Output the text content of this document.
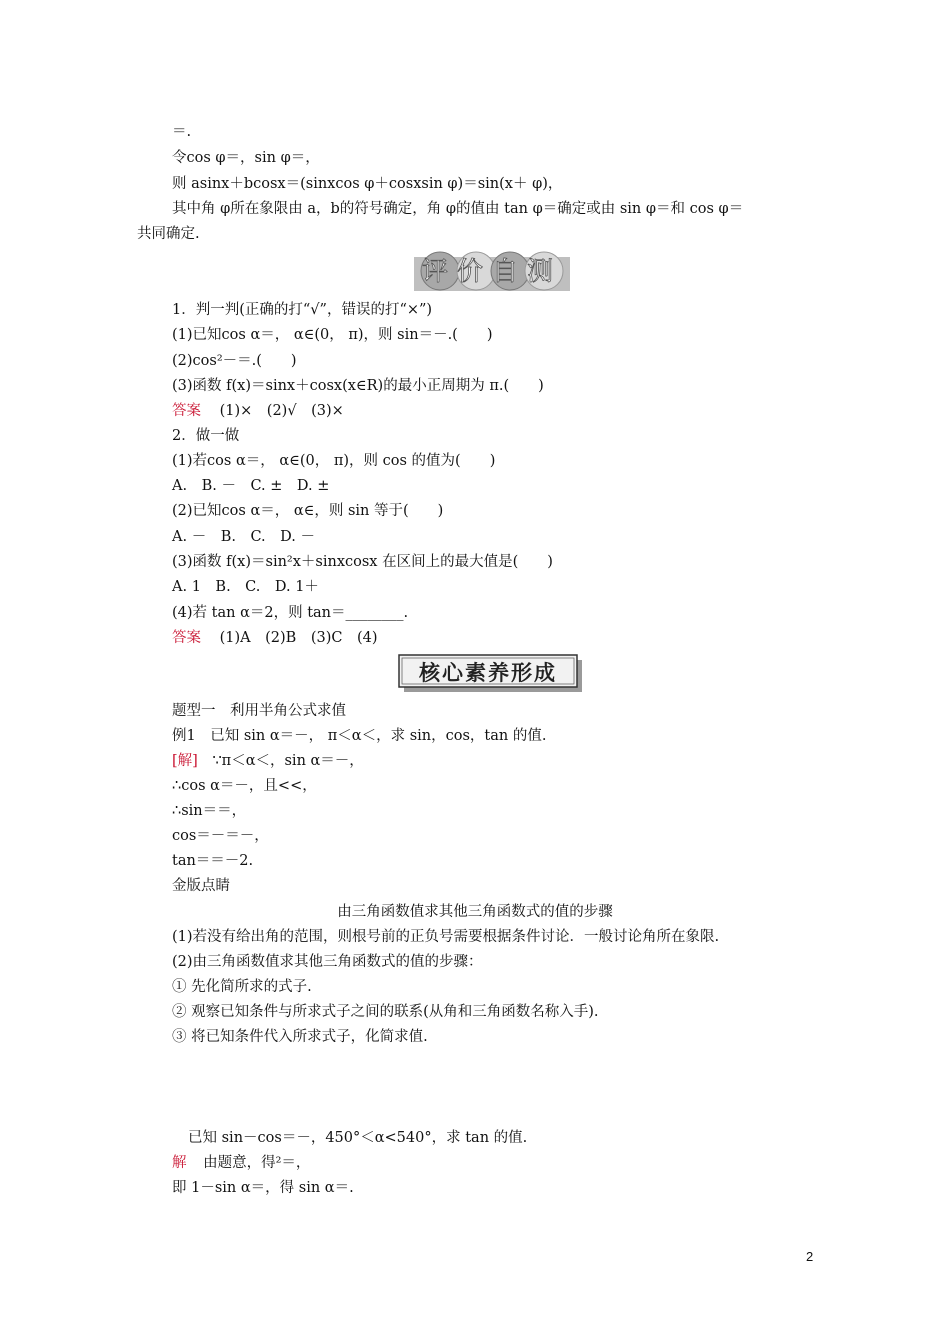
＝.
令cos φ＝，sin φ＝，
则 asinx＋bcosx＝(sinxcos φ＋cosxsin φ)＝sin(x＋ φ)，
其中角 φ所在象限由 a，b的符号确定，角 φ的值由 tan φ＝确定或由 sin φ＝和 cos φ＝
共同确定.
评价自测
1．判一判(正确的打“√”，错误的打“×”)
(1)已知cos α＝， α∈(0， π)，则 sin＝－.(　　)
(2)cos²－＝.(　　)
(3)函数 f(x)＝sinx＋cosx(x∈R)的最小正周期为 π.(　　)
答案 (1)×　(2)√　(3)×
2．做一做
(1)若cos α＝， α∈(0， π)，则 cos 的值为(　　)
A.　B. －　C. ±　D. ±
(2)已知cos α＝， α∈，则 sin 等于(　　)
A. －　B.　C.　D. －
(3)函数 f(x)＝sin²x＋sinxcosx 在区间上的最大值是(　　)
A. 1　B.　C.　D. 1＋
(4)若 tan α＝2，则 tan＝________.
答案 (1)A　(2)B　(3)C　(4)
核心素养形成
题型一　利用半角公式求值
例1　已知 sin α＝－， π＜α＜，求 sin，cos，tan 的值.
[解] ∵π＜α＜，sin α＝－，
∴cos α＝－，且<<，
∴sin＝＝，
cos＝－＝－，
tan＝＝－2.
金版点睛
由三角函数值求其他三角函数式的值的步骤
(1)若没有给出角的范围，则根号前的正负号需要根据条件讨论．一般讨论角所在象限.
(2)由三角函数值求其他三角函数式的值的步骤：
① 先化简所求的式子.
② 观察已知条件与所求式子之间的联系(从角和三角函数名称入手).
③ 将已知条件代入所求式子，化简求值.
已知 sin－cos＝－，450°＜α<540°，求 tan 的值.
解 由题意，得²＝，
即 1－sin α＝，得 sin α＝.
2
